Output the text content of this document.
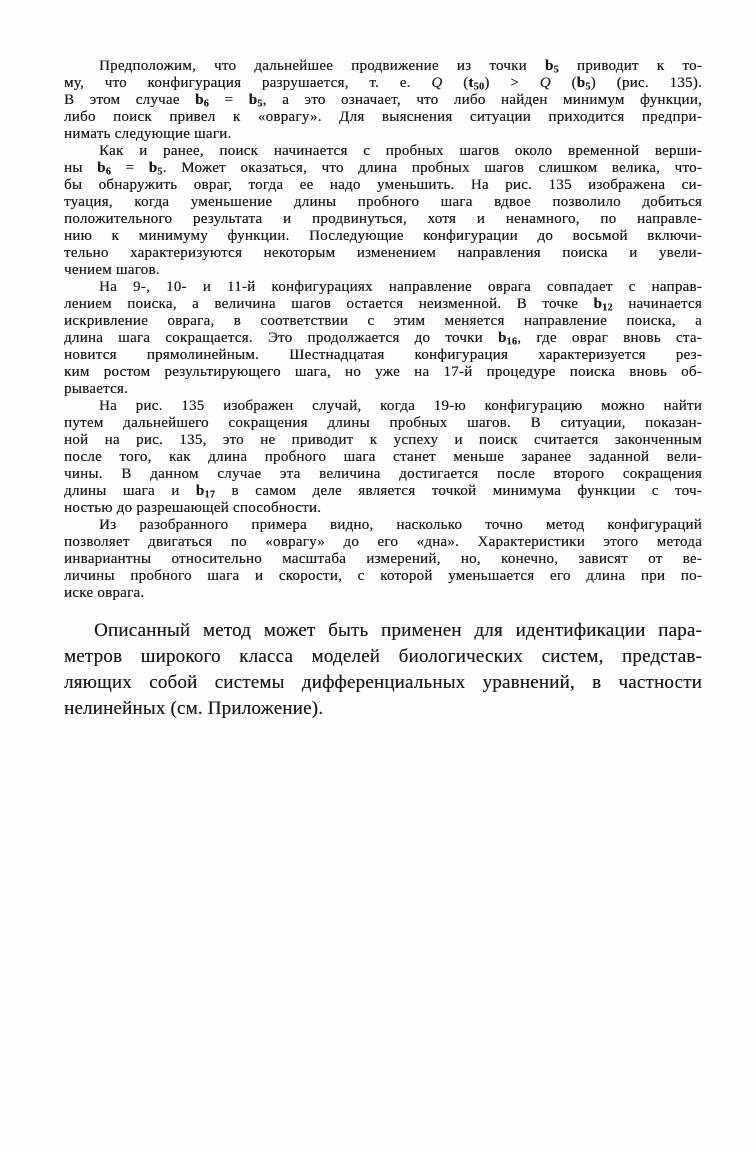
Предположим, что дальнейшее продвижение из точки $b_5$ приводит к то-
му, что конфигурация разрушается, т. е. Q $(t_{50}) > Q$ $(b_5)$ (рис. 135).
В этом случае $b_6 = b_5$, а это означает, что либо найден минимум функции,
либо поиск привел к «оврагу». Для выяснения ситуации приходится предпри-
нимать следующие шаги.

Как и ранее, поиск начинается с пробных шагов около временной верши-
ны $b_6 = b_5$. Может оказаться, что длина пробных шагов слишком велика, что-
бы обнаружить овраг, тогда ее надо уменьшить. На рис. 135 изображена си-
туация, когда уменьшение длины пробного шага вдвое позволило добиться
положительного результата и продвинуться, хотя и ненамного, по направле-
нию к минимуму функции. Последующие конфигурации до восьмой включи-
тельно характеризуются некоторым изменением направления поиска и увели-
чением шагов.

На 9-, 10- и 11-й конфигурациях направление оврага совпадает с направ-
лением поиска, а величина шагов остается неизменной. В точке $b_{12}$ начинается
искривление оврага, в соответствии с этим меняется направление поиска, а
длина шага сокращается. Это продолжается до точки $b_{16}$, где овраг вновь ста-
новится прямолинейным. Шестнадцатая конфигурация характеризуется рез-
ким ростом результирующего шага, но уже на 17-й процедуре поиска вновь об-
рывается.

На рис. 135 изображен случай, когда 19-ю конфигурацию можно найти
путем дальнейшего сокращения длины пробных шагов. В ситуации, показан-
ной на рис. 135, это не приводит к успеху и поиск считается законченным
после того, как длина пробного шага станет меньше заранее заданной вели-
чины. В данном случае эта величина достигается после второго сокращения
длины шага и $b_{17}$ в самом деле является точкой минимума функции с точ-
ностью до разрешающей способности.

Из разобранного примера видно, насколько точно метод конфигураций
позволяет двигаться по «оврагу» до его «дна». Характеристики этого метода
инвариантны относительно масштаба измерений, но, конечно, зависят от ве-
личины пробного шага и скорости, с которой уменьшается его длина при по-
иске оврага.

Описанный метод может быть применен для идентификации пара-
метров широкого класса моделей биологических систем, представ-
ляющих собой системы дифференциальных уравнений, в частности
нелинейных (см. Приложение).
